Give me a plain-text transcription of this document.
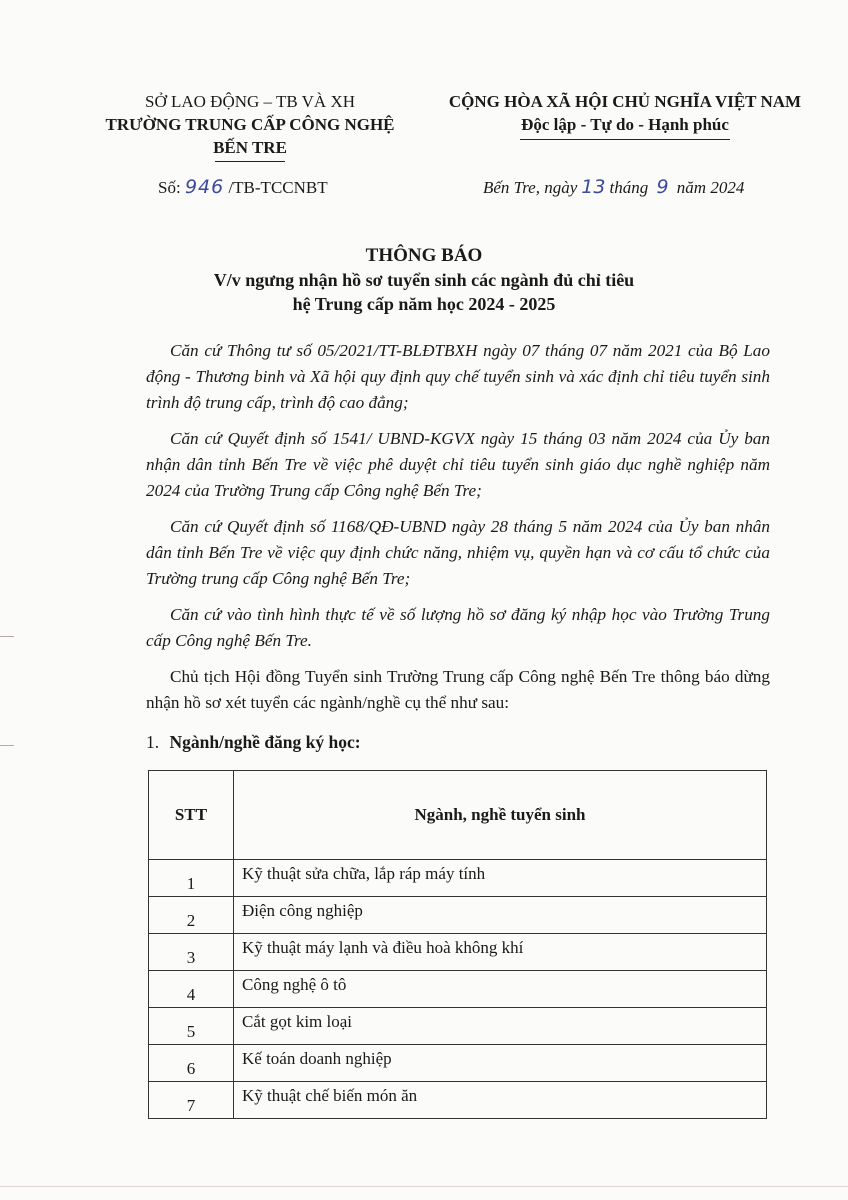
SỞ LAO ĐỘNG – TB VÀ XH
TRƯỜNG TRUNG CẤP CÔNG NGHỆ
BẾN TRE
CỘNG HÒA XÃ HỘI CHỦ NGHĨA VIỆT NAM
Độc lập - Tự do - Hạnh phúc
Số: 946 /TB-TCCNBT	Bến Tre, ngày 13 tháng 9 năm 2024
THÔNG BÁO
V/v ngưng nhận hồ sơ tuyển sinh các ngành đủ chỉ tiêu
hệ Trung cấp năm học 2024 - 2025

Căn cứ Thông tư số 05/2021/TT-BLĐTBXH ngày 07 tháng 07 năm 2021 của Bộ Lao động - Thương binh và Xã hội quy định quy chế tuyển sinh và xác định chỉ tiêu tuyển sinh trình độ trung cấp, trình độ cao đẳng;

Căn cứ Quyết định số 1541/ UBND-KGVX ngày 15 tháng 03 năm 2024 của Ủy ban nhận dân tỉnh Bến Tre về việc phê duyệt chỉ tiêu tuyển sinh giáo dục nghề nghiệp năm 2024 của Trường Trung cấp Công nghệ Bến Tre;

Căn cứ Quyết định số 1168/QĐ-UBND ngày 28 tháng 5 năm 2024 của Ủy ban nhân dân tỉnh Bến Tre về việc quy định chức năng, nhiệm vụ, quyền hạn và cơ cấu tổ chức của Trường trung cấp Công nghệ Bến Tre;

Căn cứ vào tình hình thực tế về số lượng hồ sơ đăng ký nhập học vào Trường Trung cấp Công nghệ Bến Tre.

Chủ tịch Hội đồng Tuyển sinh Trường Trung cấp Công nghệ Bến Tre thông báo dừng nhận hồ sơ xét tuyển các ngành/nghề cụ thể như sau:

1. Ngành/nghề đăng ký học:
STT	Ngành, nghề tuyển sinh
1	Kỹ thuật sửa chữa, lắp ráp máy tính
2	Điện công nghiệp
3	Kỹ thuật máy lạnh và điều hoà không khí
4	Công nghệ ô tô
5	Cắt gọt kim loại
6	Kế toán doanh nghiệp
7	Kỹ thuật chế biến món ăn
